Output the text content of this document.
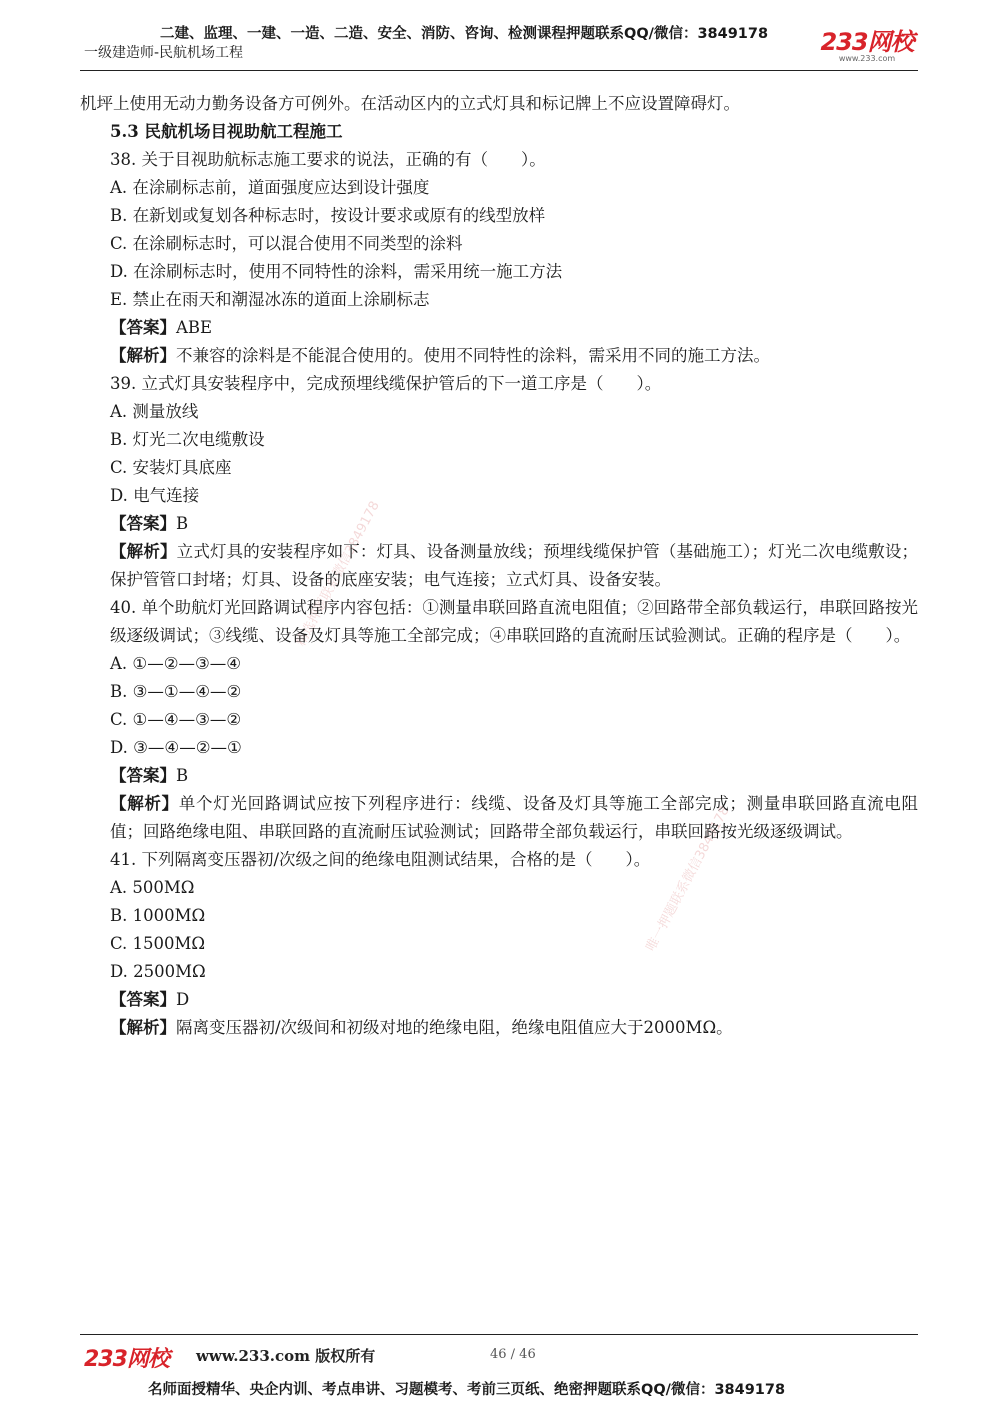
二建、监理、一建、一造、二造、安全、消防、咨询、检测课程押题联系QQ/微信：3849178
一级建造师-民航机场工程	233网校
www.233.com
精选押题联系微信3849178
唯一押题联系微信3849178
机坪上使用无动力勤务设备方可例外。在活动区内的立式灯具和标记牌上不应设置障碍灯。
5.3 民航机场目视助航工程施工
38. 关于目视助航标志施工要求的说法，正确的有（　　）。
A. 在涂刷标志前，道面强度应达到设计强度
B. 在新划或复划各种标志时，按设计要求或原有的线型放样
C. 在涂刷标志时，可以混合使用不同类型的涂料
D. 在涂刷标志时，使用不同特性的涂料，需采用统一施工方法
E. 禁止在雨天和潮湿冰冻的道面上涂刷标志
【答案】ABE
【解析】不兼容的涂料是不能混合使用的。使用不同特性的涂料，需采用不同的施工方法。
39. 立式灯具安装程序中，完成预埋线缆保护管后的下一道工序是（　　）。
A. 测量放线
B. 灯光二次电缆敷设
C. 安装灯具底座
D. 电气连接
【答案】B
【解析】立式灯具的安装程序如下：灯具、设备测量放线；预埋线缆保护管（基础施工）；灯光二次电缆敷设；保护管管口封堵；灯具、设备的底座安装；电气连接；立式灯具、设备安装。
40. 单个助航灯光回路调试程序内容包括：①测量串联回路直流电阻值；②回路带全部负载运行，串联回路按光级逐级调试；③线缆、设备及灯具等施工全部完成；④串联回路的直流耐压试验测试。正确的程序是（　　）。
A. ①—②—③—④
B. ③—①—④—②
C. ①—④—③—②
D. ③—④—②—①
【答案】B
【解析】单个灯光回路调试应按下列程序进行：线缆、设备及灯具等施工全部完成；测量串联回路直流电阻值；回路绝缘电阻、串联回路的直流耐压试验测试；回路带全部负载运行，串联回路按光级逐级调试。
41. 下列隔离变压器初/次级之间的绝缘电阻测试结果，合格的是（　　）。
A. 500MΩ
B. 1000MΩ
C. 1500MΩ
D. 2500MΩ
【答案】D
【解析】隔离变压器初/次级间和初级对地的绝缘电阻，绝缘电阻值应大于2000MΩ。
233网校 www.233.com 版权所有	46 / 46
名师面授精华、央企内训、考点串讲、习题模考、考前三页纸、绝密押题联系QQ/微信：3849178
